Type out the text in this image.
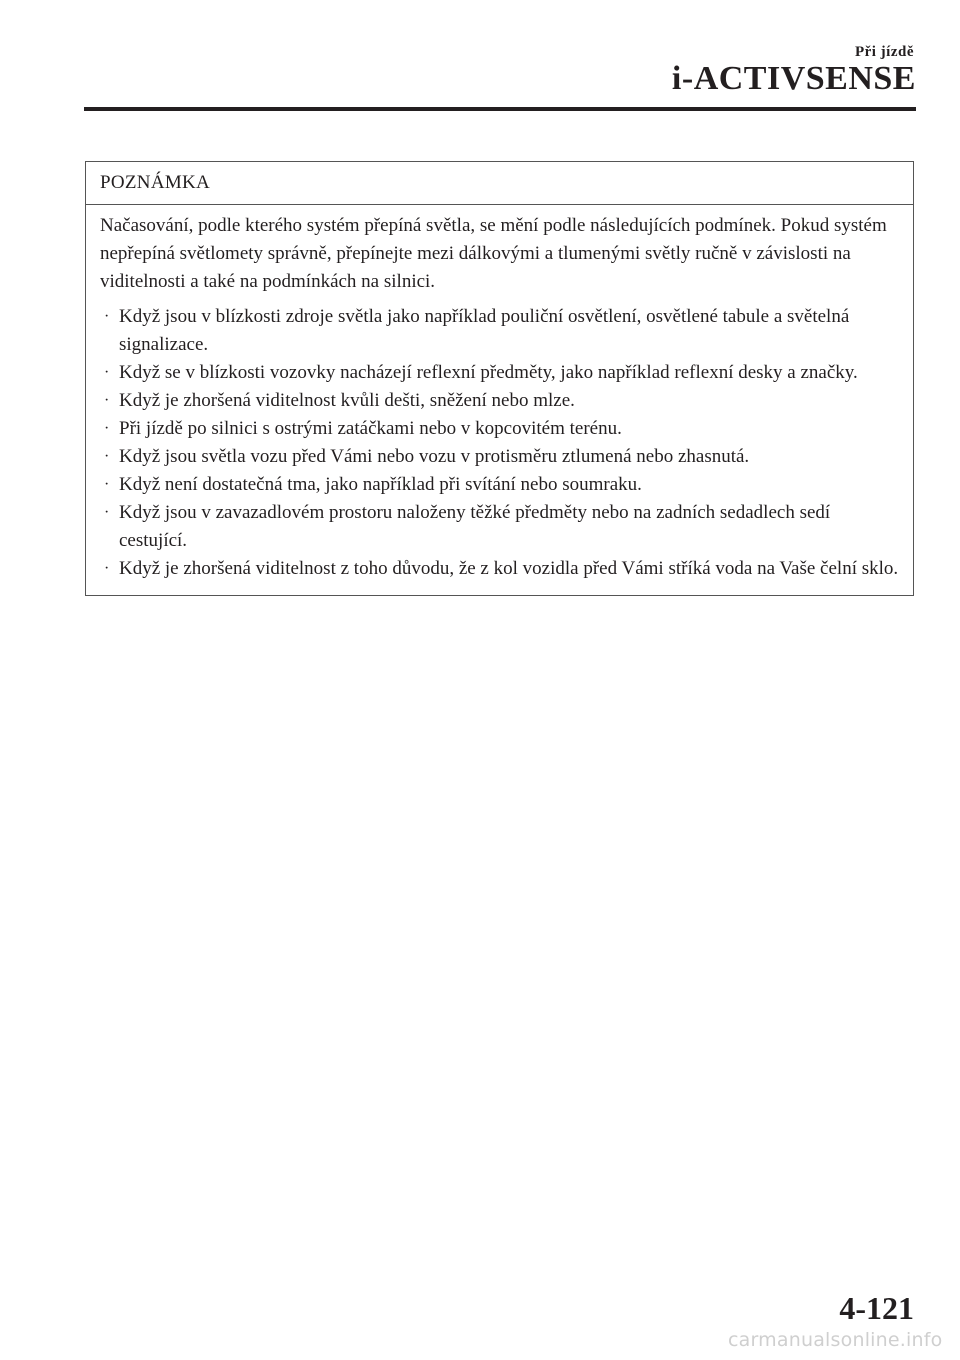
Při jízdě
i-ACTIVSENSE
POZNÁMKA

Načasování, podle kterého systém přepíná světla, se mění podle následujících podmínek. Pokud systém nepřepíná světlomety správně, přepínejte mezi dálkovými a tlumenými světly ručně v závislosti na viditelnosti a také na podmínkách na silnici.

· Když jsou v blízkosti zdroje světla jako například pouliční osvětlení, osvětlené tabule a světelná signalizace.
· Když se v blízkosti vozovky nacházejí reflexní předměty, jako například reflexní desky a značky.
· Když je zhoršená viditelnost kvůli dešti, sněžení nebo mlze.
· Při jízdě po silnici s ostrými zatáčkami nebo v kopcovitém terénu.
· Když jsou světla vozu před Vámi nebo vozu v protisměru ztlumená nebo zhasnutá.
· Když není dostatečná tma, jako například při svítání nebo soumraku.
· Když jsou v zavazadlovém prostoru naloženy těžké předměty nebo na zadních sedadlech sedí cestující.
· Když je zhoršená viditelnost z toho důvodu, že z kol vozidla před Vámi stříká voda na Vaše čelní sklo.
4-121
carmanualsonline.info
